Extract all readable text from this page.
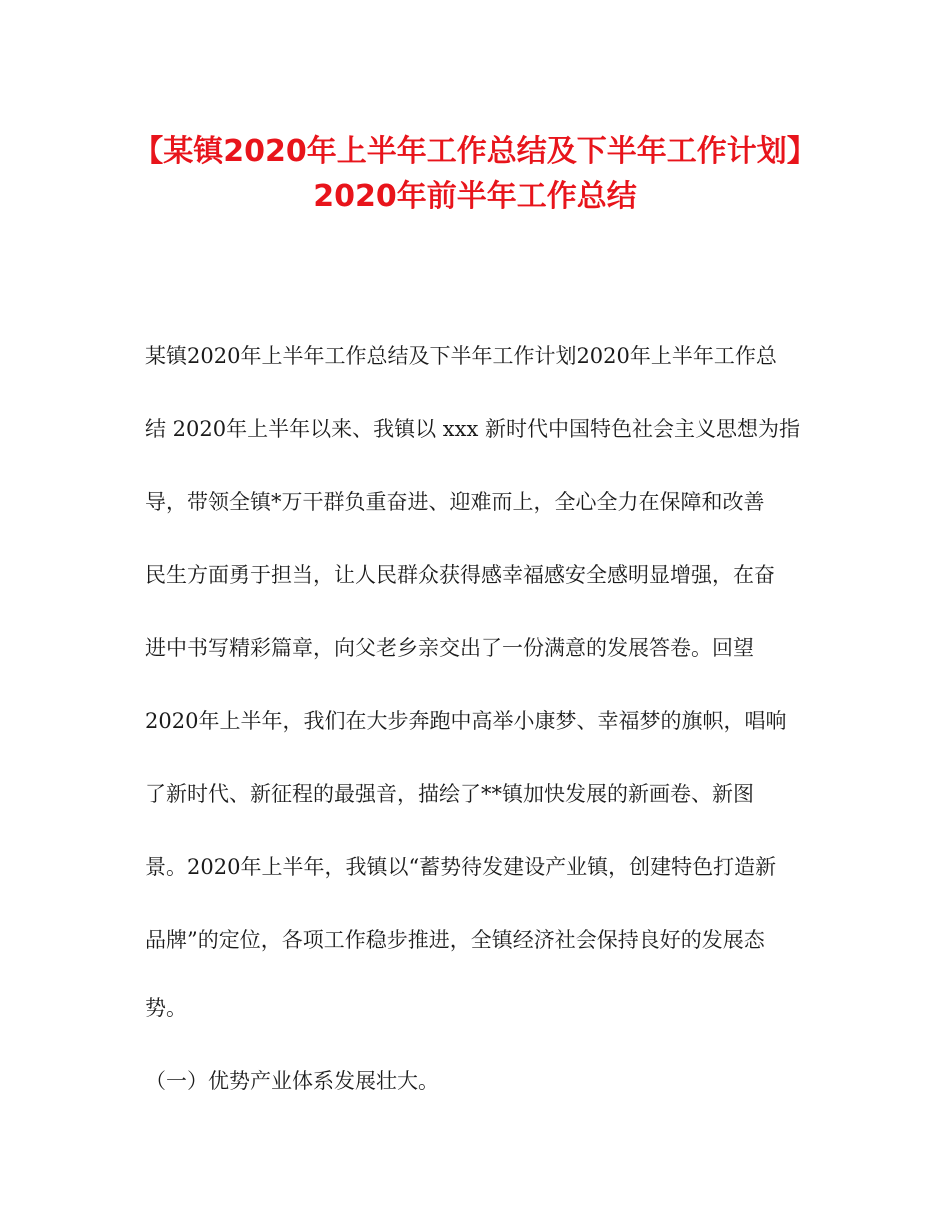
【某镇2020年上半年工作总结及下半年工作计划】
2020年前半年工作总结
某镇2020年上半年工作总结及下半年工作计划2020年上半年工作总
结 2020年上半年以来、我镇以 xxx 新时代中国特色社会主义思想为指
导，带领全镇*万干群负重奋进、迎难而上，全心全力在保障和改善
民生方面勇于担当，让人民群众获得感幸福感安全感明显增强，在奋
进中书写精彩篇章，向父老乡亲交出了一份满意的发展答卷。回望
2020年上半年，我们在大步奔跑中高举小康梦、幸福梦的旗帜，唱响
了新时代、新征程的最强音，描绘了**镇加快发展的新画卷、新图
景。2020年上半年，我镇以“蓄势待发建设产业镇，创建特色打造新
品牌”的定位，各项工作稳步推进，全镇经济社会保持良好的发展态
势。
（一）优势产业体系发展壮大。
